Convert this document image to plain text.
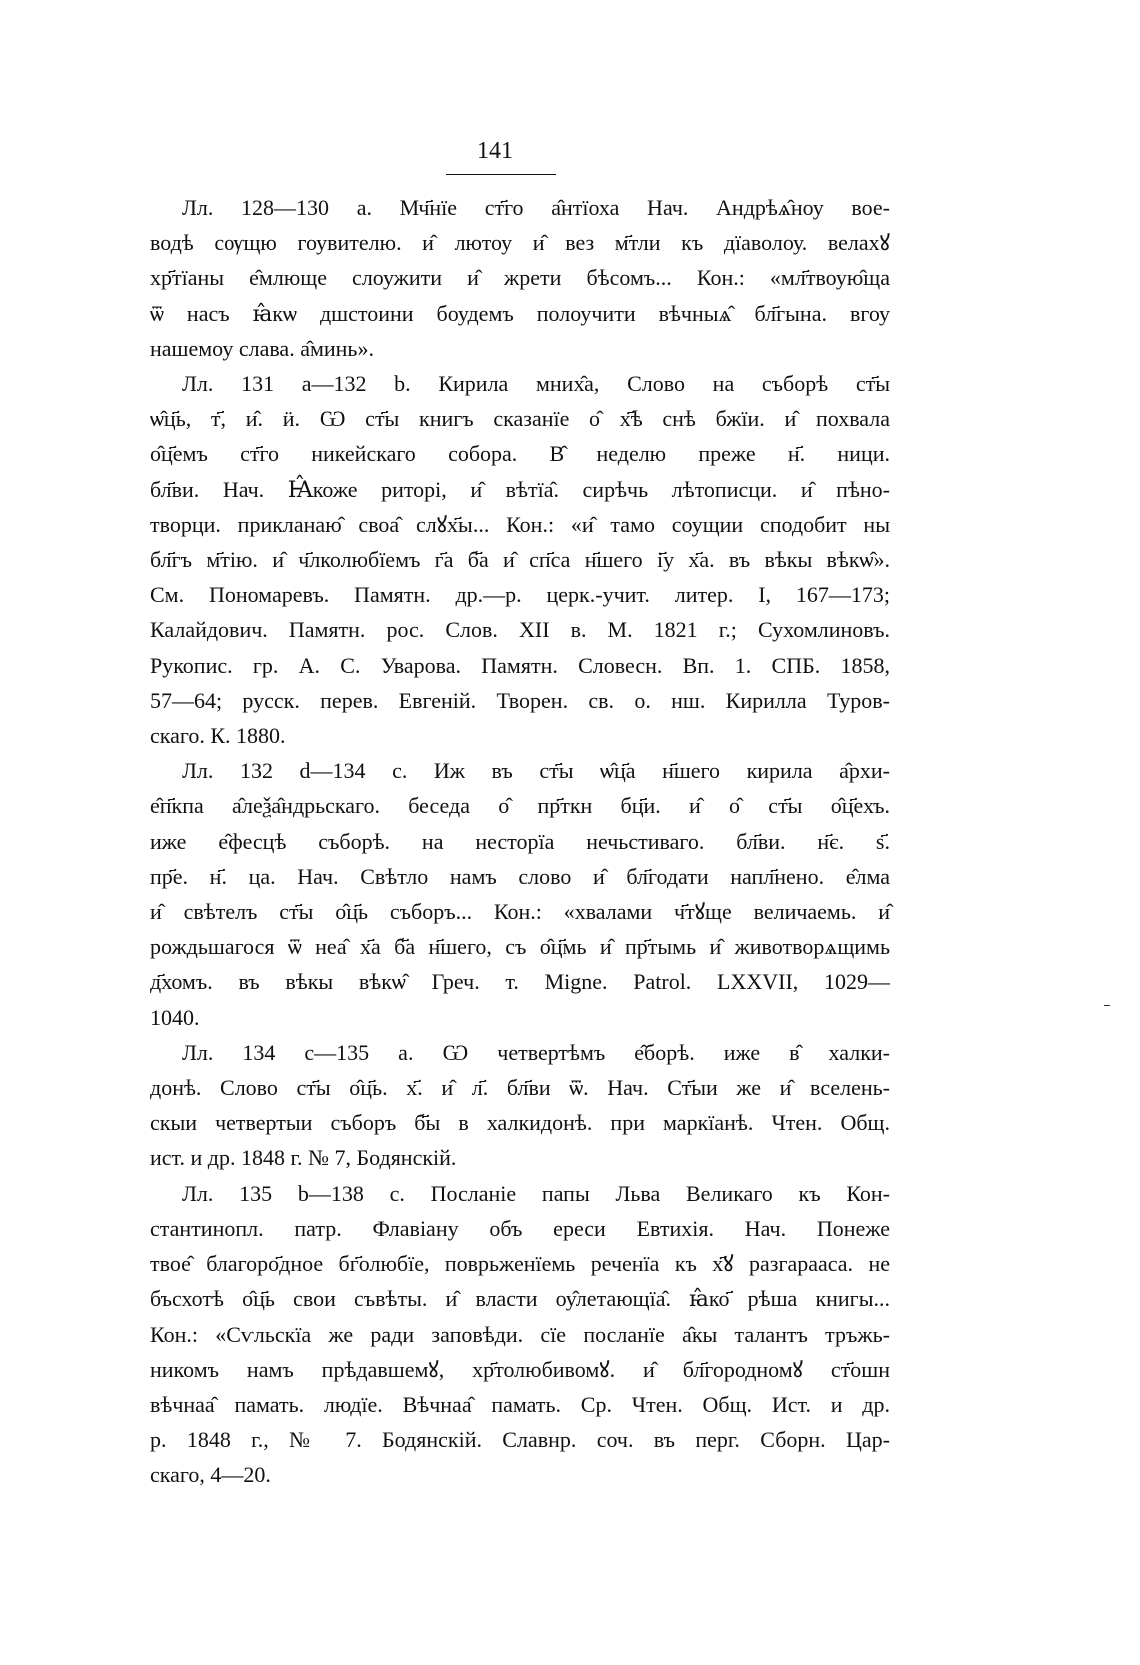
141
Лл. 128—130 а. Мч҃нїе ст҃го а̂нтїоха Нач. Андрѣѧ̂ноу вое-
водѣ сѹщю гоувителю. и̂ лютоу и̂ вез м҃тли къ дїаволоу. велахꙋ
хр҃тїаны е̂млюще слоужити и̂ жрети бѣсомъ... Кон.: «мл҃твоую̂ща
ѿ насъ ꙗ̂кѡ дшстоини боудемъ полоучити вѣчныѧ̂ бл҃гына. вгоу
нашемоу слава. а̂минь».
Лл. 131 а—132 b. Кирила мних̂а, Слово на съборѣ ст҃ы
ѡ̂ц҃ь, т҃, и̂. ӥ. Ѡ ст҃ы книгъ сказанїе о̂ х҃ѣ снѣ бжїи. и̂ похвала
о̂ц҃емъ ст҃го никейскаго собора. В̂ неделю преже н҃. ници.
бл҃ви. Нач. Ꙗ̂коже риторі, и̂ вѣтїа̂. сирѣчь лѣтописци. и̂ пѣно-
творци. прикланаю̂ своа̂ слꙋх҃ы... Кон.: «и̂ тамо соущии сподобит ны
бл҃гъ м҃тію. и̂ ч҃лколюбїемъ г҃а б҃а и̂ сп҃са н҃шего і҃у х҃а. въ вѣкы вѣкѡ̂».
См. Пономаревъ. Памятн. др.—р. церк.-учит. литер. I, 167—173;
Калайдович. Памятн. рос. Слов. XII в. М. 1821 г.; Сухомлиновъ.
Рукопис. гр. А. С. Уварова. Памятн. Словесн. Вп. 1. СПБ. 1858,
57—64; русск. перев. Евгеній. Творен. св. о. нш. Кирилла Туров-
скаго. К. 1880.
Лл. 132 d—134 с. Иж въ ст҃ы ѡ̂ц҃а н҃шего кирила а̂рхи-
е̂п҃кпа а̂леѯа̂ндрьскаго. беседа о̂ пр҃ткн бц҃и. и̂ о̂ ст҃ы о̂ц҃ехъ.
иже е̂фесцѣ съборѣ. на несторїа нечьстиваго. бл҃ви. н҃є. ѕ҃.
пр҃е. н҃. ца. Нач. Свѣтло намъ слово и̂ бл҃годати напл҃нено. е̂лма
и̂ свѣтелъ ст҃ы о̂ц҃ь съборъ... Кон.: «хвалами ч҃тꙋще величаемь. и̂
рождьшагося ѿ неа̂ х҃а б҃а н҃шего, съ о̂ц҃мь и̂ пр҃тымь и̂ животворѧщимь
д҃хомъ. въ вѣкы вѣкѡ̂ Греч. т. Migne. Patrol. LXXVII, 1029—
1040.
Лл. 134 с—135 а. Ѡ четвертѣмъ е̂борѣ. иже в̂ халки-
донѣ. Слово ст҃ы о̂ц҃ь. х҃. и̂ л҃. бл҃ви ѿ. Нач. Ст҃ыи же и̂ вселень-
скыи четвертыи съборъ б҃ы в халкидонѣ. при маркїанѣ. Чтен. Общ.
ист. и др. 1848 г. № 7, Бодянскій.
Лл. 135 b—138 с. Посланіе папы Льва Великаго къ Кон-
стантинопл. патр. Флавіану объ ереси Евтихія. Нач. Понеже
твое̂ благоро҃дное бг҃олюбїе, поврьженїемь реченїа къ х҃ꙋ разгарааса. не
бъсхотѣ о̂ц҃ь свои съвѣты. и̂ власти оу̂летающїа̂. ꙗ̂ко҃ рѣша книгы...
Кон.: «Сѵльскїа же ради заповѣди. сїе посланїе а̂кы талантъ тръжь-
никомъ намъ прѣдавшемꙋ, хр҃толюбивомꙋ. и̂ бл҃городномꙋ ст҃ошн
вѣчнаа̂ памать. людїе. Вѣчнаа̂ памать. Ср. Чтен. Общ. Ист. и др.
р. 1848 г., № 7. Бодянскій. Славнр. соч. въ перг. Сборн. Цар-
скаго, 4—20.
